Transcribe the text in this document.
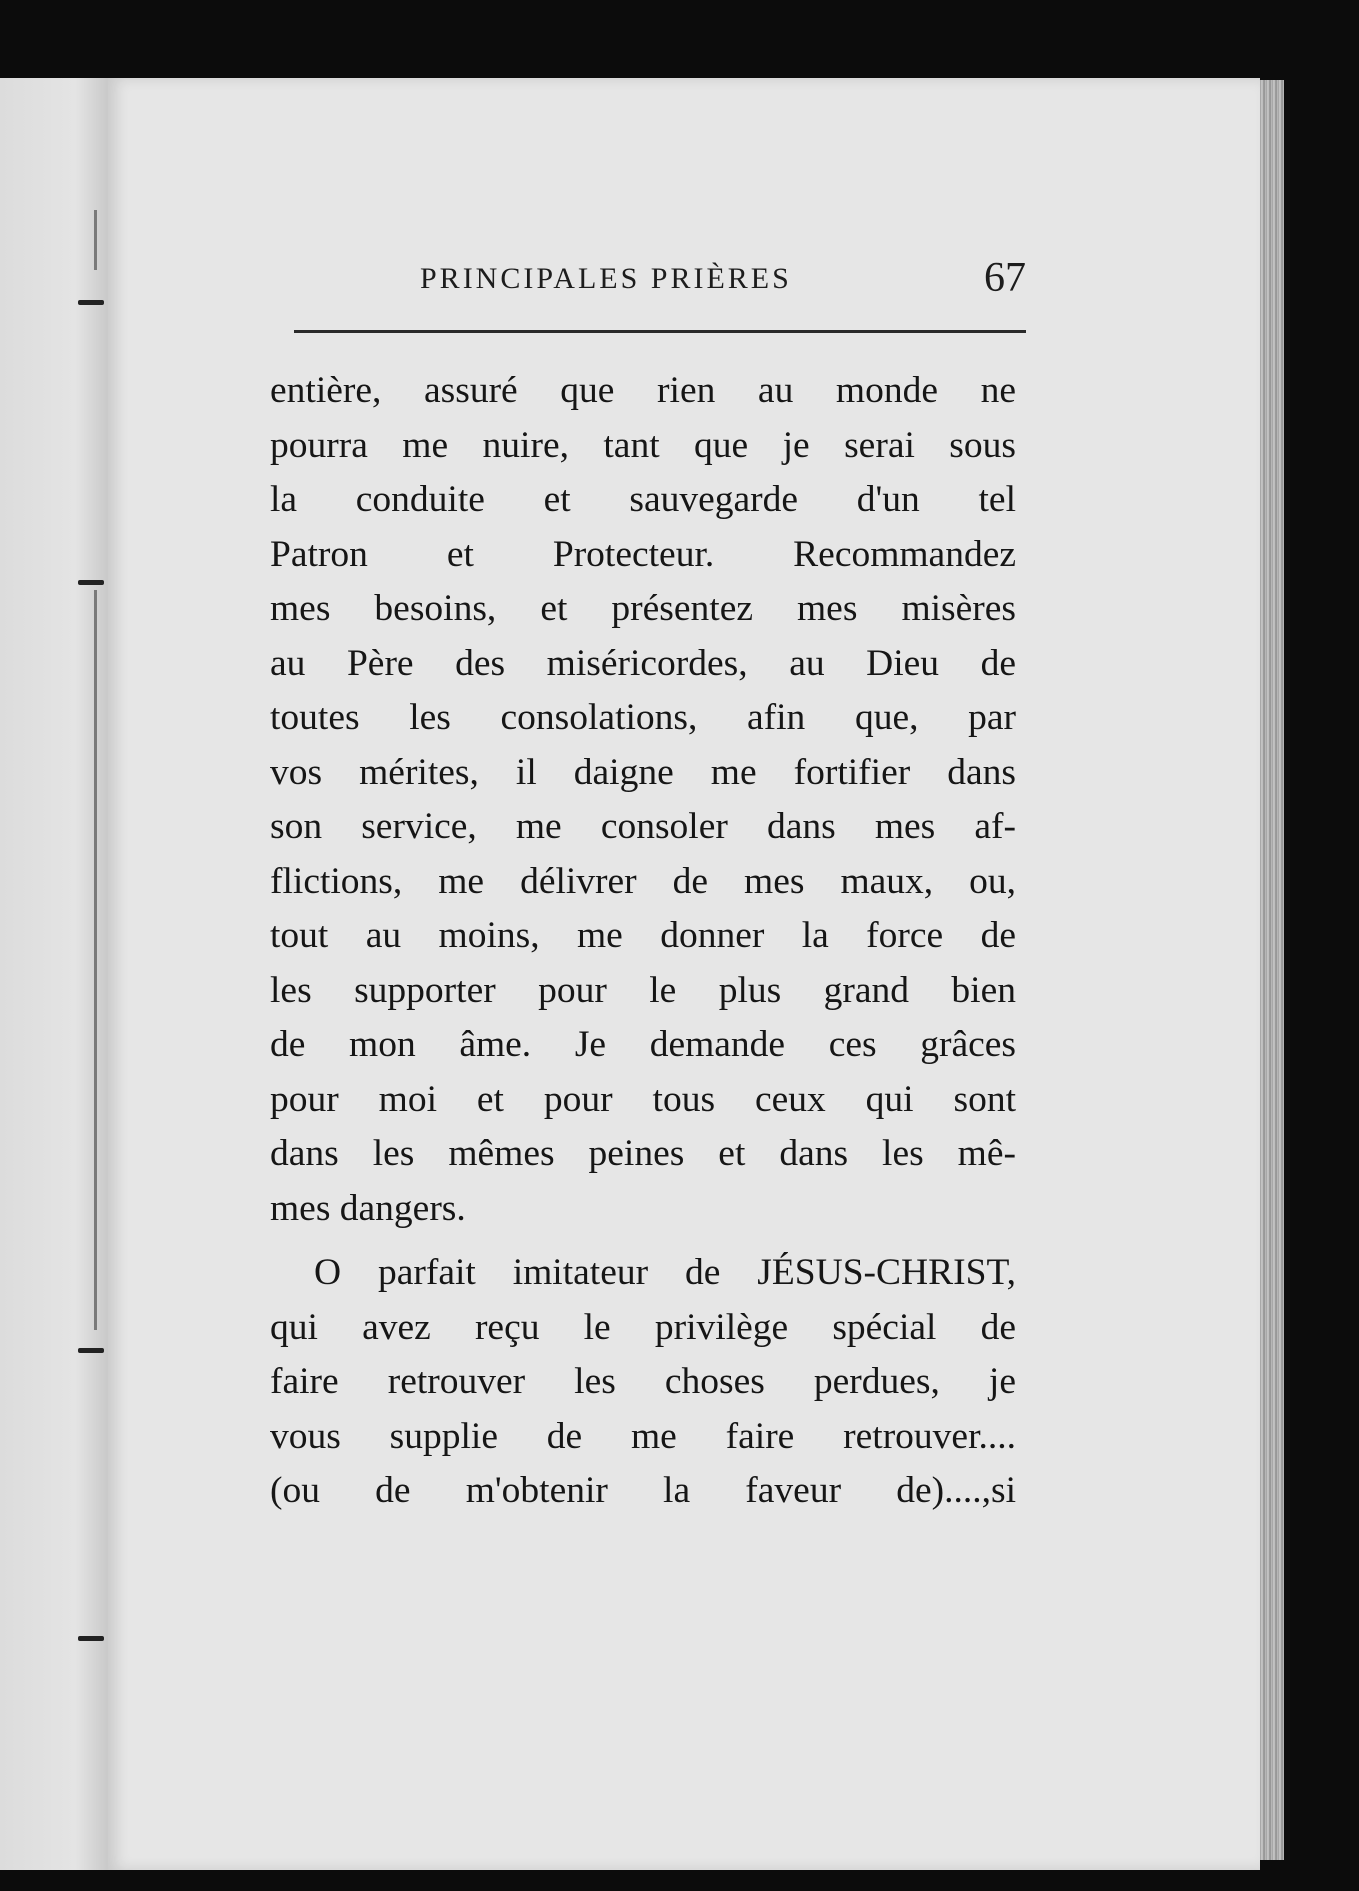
PRINCIPALES PRIÈRES	67
entière, assuré que rien au monde ne
pourra me nuire, tant que je serai sous
la conduite et sauvegarde d'un tel
Patron et Protecteur. Recommandez
mes besoins, et présentez mes misères
au Père des miséricordes, au Dieu de
toutes les consolations, afin que, par
vos mérites, il daigne me fortifier dans
son service, me consoler dans mes af-
flictions, me délivrer de mes maux, ou,
tout au moins, me donner la force de
les supporter pour le plus grand bien
de mon âme. Je demande ces grâces
pour moi et pour tous ceux qui sont
dans les mêmes peines et dans les mê-
mes dangers.
O parfait imitateur de JÉSUS-CHRIST,
qui avez reçu le privilège spécial de
faire retrouver les choses perdues, je
vous supplie de me faire retrouver....
(ou de m'obtenir la faveur de)....,si
